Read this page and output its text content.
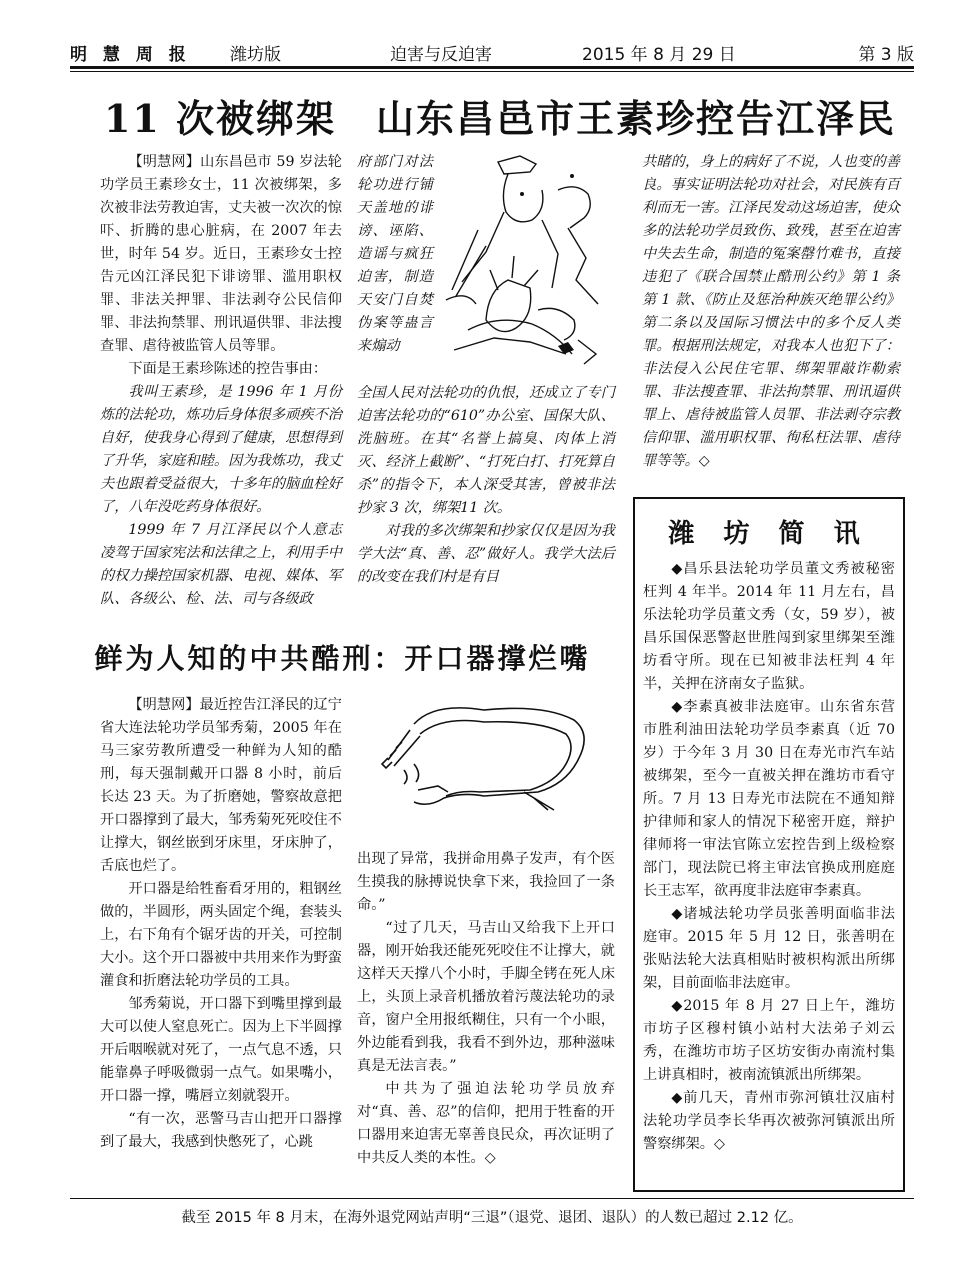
明 慧 周 报 潍坊版	迫害与反迫害	2015 年 8 月 29 日	第 3 版
11 次被绑架　山东昌邑市王素珍控告江泽民

【明慧网】山东昌邑市 59 岁法轮功学员王素珍女士，11 次被绑架，多次被非法劳教迫害，丈夫被一次次的惊吓、折腾的患心脏病，在 2007 年去世，时年 54 岁。近日，王素珍女士控告元凶江泽民犯下诽谤罪、滥用职权罪、非法关押罪、非法剥夺公民信仰罪、非法拘禁罪、刑讯逼供罪、非法搜查罪、虐待被监管人员等罪。

下面是王素珍陈述的控告事由：

我叫王素珍，是 1996 年 1 月份炼的法轮功，炼功后身体很多顽疾不治自好，使我身心得到了健康，思想得到了升华，家庭和睦。因为我炼功，我丈夫也跟着受益很大，十多年的脑血栓好了，八年没吃药身体很好。

1999 年 7 月江泽民以个人意志凌驾于国家宪法和法律之上，利用手中的权力操控国家机器、电视、媒体、军队、各级公、检、法、司与各级政

府部门对法轮功进行铺天盖地的诽谤、诬陷、造谣与疯狂迫害，制造天安门自焚伪案等蛊言来煽动

全国人民对法轮功的仇恨，还成立了专门迫害法轮功的“610”办公室、国保大队、洗脑班。在其“名誉上搞臭、肉体上消灭、经济上截断”、“打死白打、打死算自杀”的指令下，本人深受其害，曾被非法抄家 3 次，绑架11 次。

对我的多次绑架和抄家仅仅是因为我学大法“真、善、忍”做好人。我学大法后的改变在我们村是有目

共睹的，身上的病好了不说，人也变的善良。事实证明法轮功对社会，对民族有百利而无一害。江泽民发动这场迫害，使众多的法轮功学员致伤、致残，甚至在迫害中失去生命，制造的冤案罄竹难书，直接违犯了《联合国禁止酷刑公约》第 1 条第 1 款、《防止及惩治种族灭绝罪公约》第二条以及国际习惯法中的多个反人类罪。根据刑法规定，对我本人也犯下了：非法侵入公民住宅罪、绑架罪敲诈勒索罪、非法搜查罪、非法拘禁罪、刑讯逼供罪上、虐待被监管人员罪、非法剥夺宗教信仰罪、滥用职权罪、徇私枉法罪、虐待罪等等。◇

潍 坊 简 讯

◆昌乐县法轮功学员董文秀被秘密枉判 4 年半。2014 年 11 月左右，昌乐法轮功学员董文秀（女，59 岁），被昌乐国保恶警赵世胜闯到家里绑架至潍坊看守所。现在已知被非法枉判 4 年半，关押在济南女子监狱。

◆李素真被非法庭审。山东省东营市胜利油田法轮功学员李素真（近 70 岁）于今年 3 月 30 日在寿光市汽车站被绑架，至今一直被关押在潍坊市看守所。7 月 13 日寿光市法院在不通知辩护律师和家人的情况下秘密开庭，辩护律师将一审法官陈立宏控告到上级检察部门，现法院已将主审法官换成刑庭庭长王志军，欲再度非法庭审李素真。

◆诸城法轮功学员张善明面临非法庭审。2015 年 5 月 12 日，张善明在张贴法轮大法真相贴时被枳构派出所绑架，目前面临非法庭审。

◆2015 年 8 月 27 日上午，潍坊市坊子区穆村镇小站村大法弟子刘云秀，在潍坊市坊子区坊安街办南流村集上讲真相时，被南流镇派出所绑架。

◆前几天，青州市弥河镇壮汉庙村法轮功学员李长华再次被弥河镇派出所警察绑架。◇

鲜为人知的中共酷刑：开口器撑烂嘴

【明慧网】最近控告江泽民的辽宁省大连法轮功学员邹秀菊，2005 年在马三家劳教所遭受一种鲜为人知的酷刑，每天强制戴开口器 8 小时，前后长达 23 天。为了折磨她，警察故意把开口器撑到了最大，邹秀菊死死咬住不让撑大，钢丝嵌到牙床里，牙床肿了，舌底也烂了。

开口器是给牲畜看牙用的，粗钢丝做的，半圆形，两头固定个绳，套装头上，右下角有个锯牙齿的开关，可控制大小。这个开口器被中共用来作为野蛮灌食和折磨法轮功学员的工具。

邹秀菊说，开口器下到嘴里撑到最大可以使人窒息死亡。因为上下半圆撑开后咽喉就对死了，一点气息不透，只能靠鼻子呼吸微弱一点气。如果嘴小，开口器一撑，嘴唇立刻就裂开。

“有一次，恶警马吉山把开口器撑到了最大，我感到快憋死了，心跳

出现了异常，我拼命用鼻子发声，有个医生摸我的脉搏说快拿下来，我捡回了一条命。”

“过了几天，马吉山又给我下上开口器，刚开始我还能死死咬住不让撑大，就这样天天撑八个小时，手脚全铐在死人床上，头顶上录音机播放着污蔑法轮功的录音，窗户全用报纸糊住，只有一个小眼，外边能看到我，我看不到外边，那种滋味真是无法言表。”

中共为了强迫法轮功学员放弃对“真、善、忍”的信仰，把用于牲畜的开口器用来迫害无辜善良民众，再次证明了中共反人类的本性。◇

截至 2015 年 8 月末，在海外退党网站声明“三退”（退党、退团、退队）的人数已超过 2.12 亿。
